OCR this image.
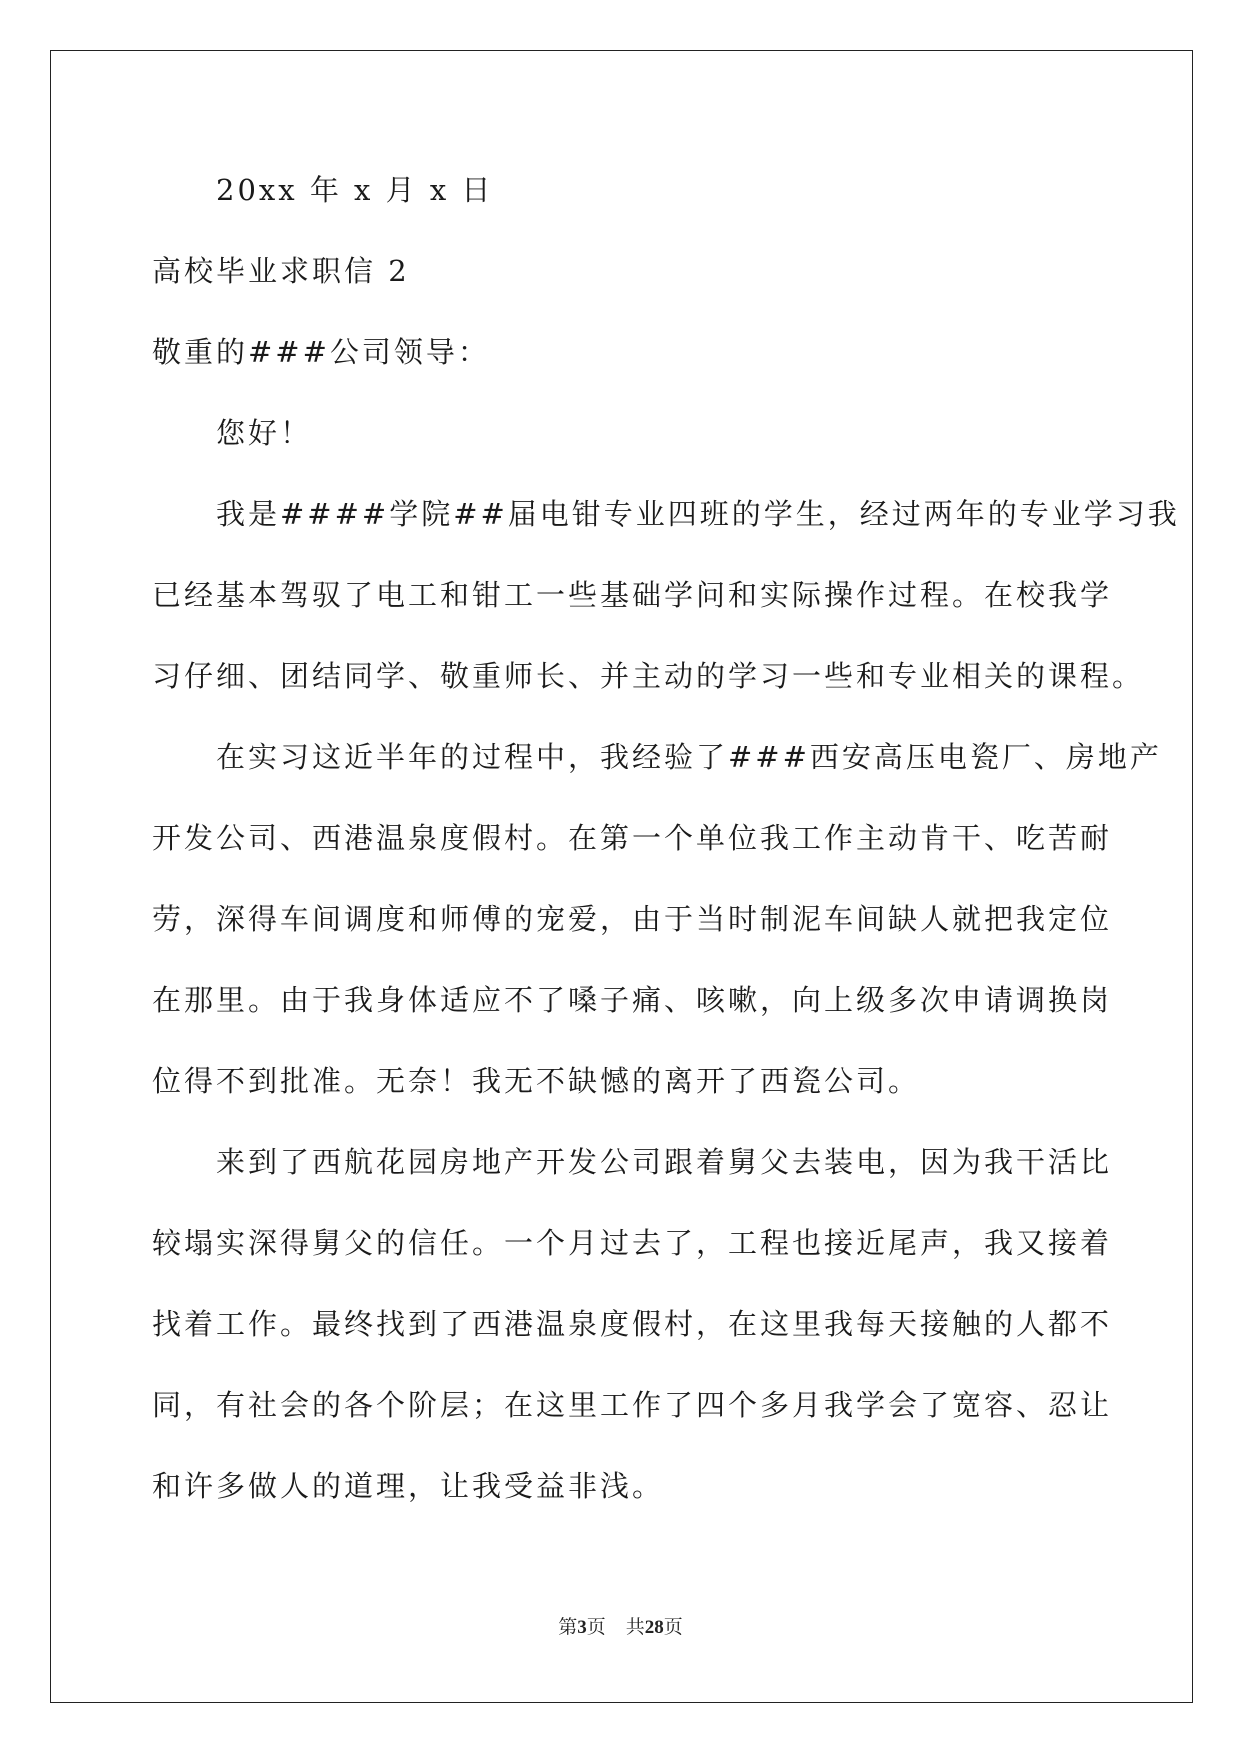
20xx 年 x 月 x 日
高校毕业求职信 2
敬重的###公司领导：
您好！
我是####学院##届电钳专业四班的学生，经过两年的专业学习我
已经基本驾驭了电工和钳工一些基础学问和实际操作过程。在校我学
习仔细、团结同学、敬重师长、并主动的学习一些和专业相关的课程。
在实习这近半年的过程中，我经验了###西安高压电瓷厂、房地产
开发公司、西港温泉度假村。在第一个单位我工作主动肯干、吃苦耐
劳，深得车间调度和师傅的宠爱，由于当时制泥车间缺人就把我定位
在那里。由于我身体适应不了嗓子痛、咳嗽，向上级多次申请调换岗
位得不到批准。无奈！我无不缺憾的离开了西瓷公司。
来到了西航花园房地产开发公司跟着舅父去装电，因为我干活比
较塌实深得舅父的信任。一个月过去了，工程也接近尾声，我又接着
找着工作。最终找到了西港温泉度假村，在这里我每天接触的人都不
同，有社会的各个阶层；在这里工作了四个多月我学会了宽容、忍让
和许多做人的道理，让我受益非浅。
第3页 共28页
